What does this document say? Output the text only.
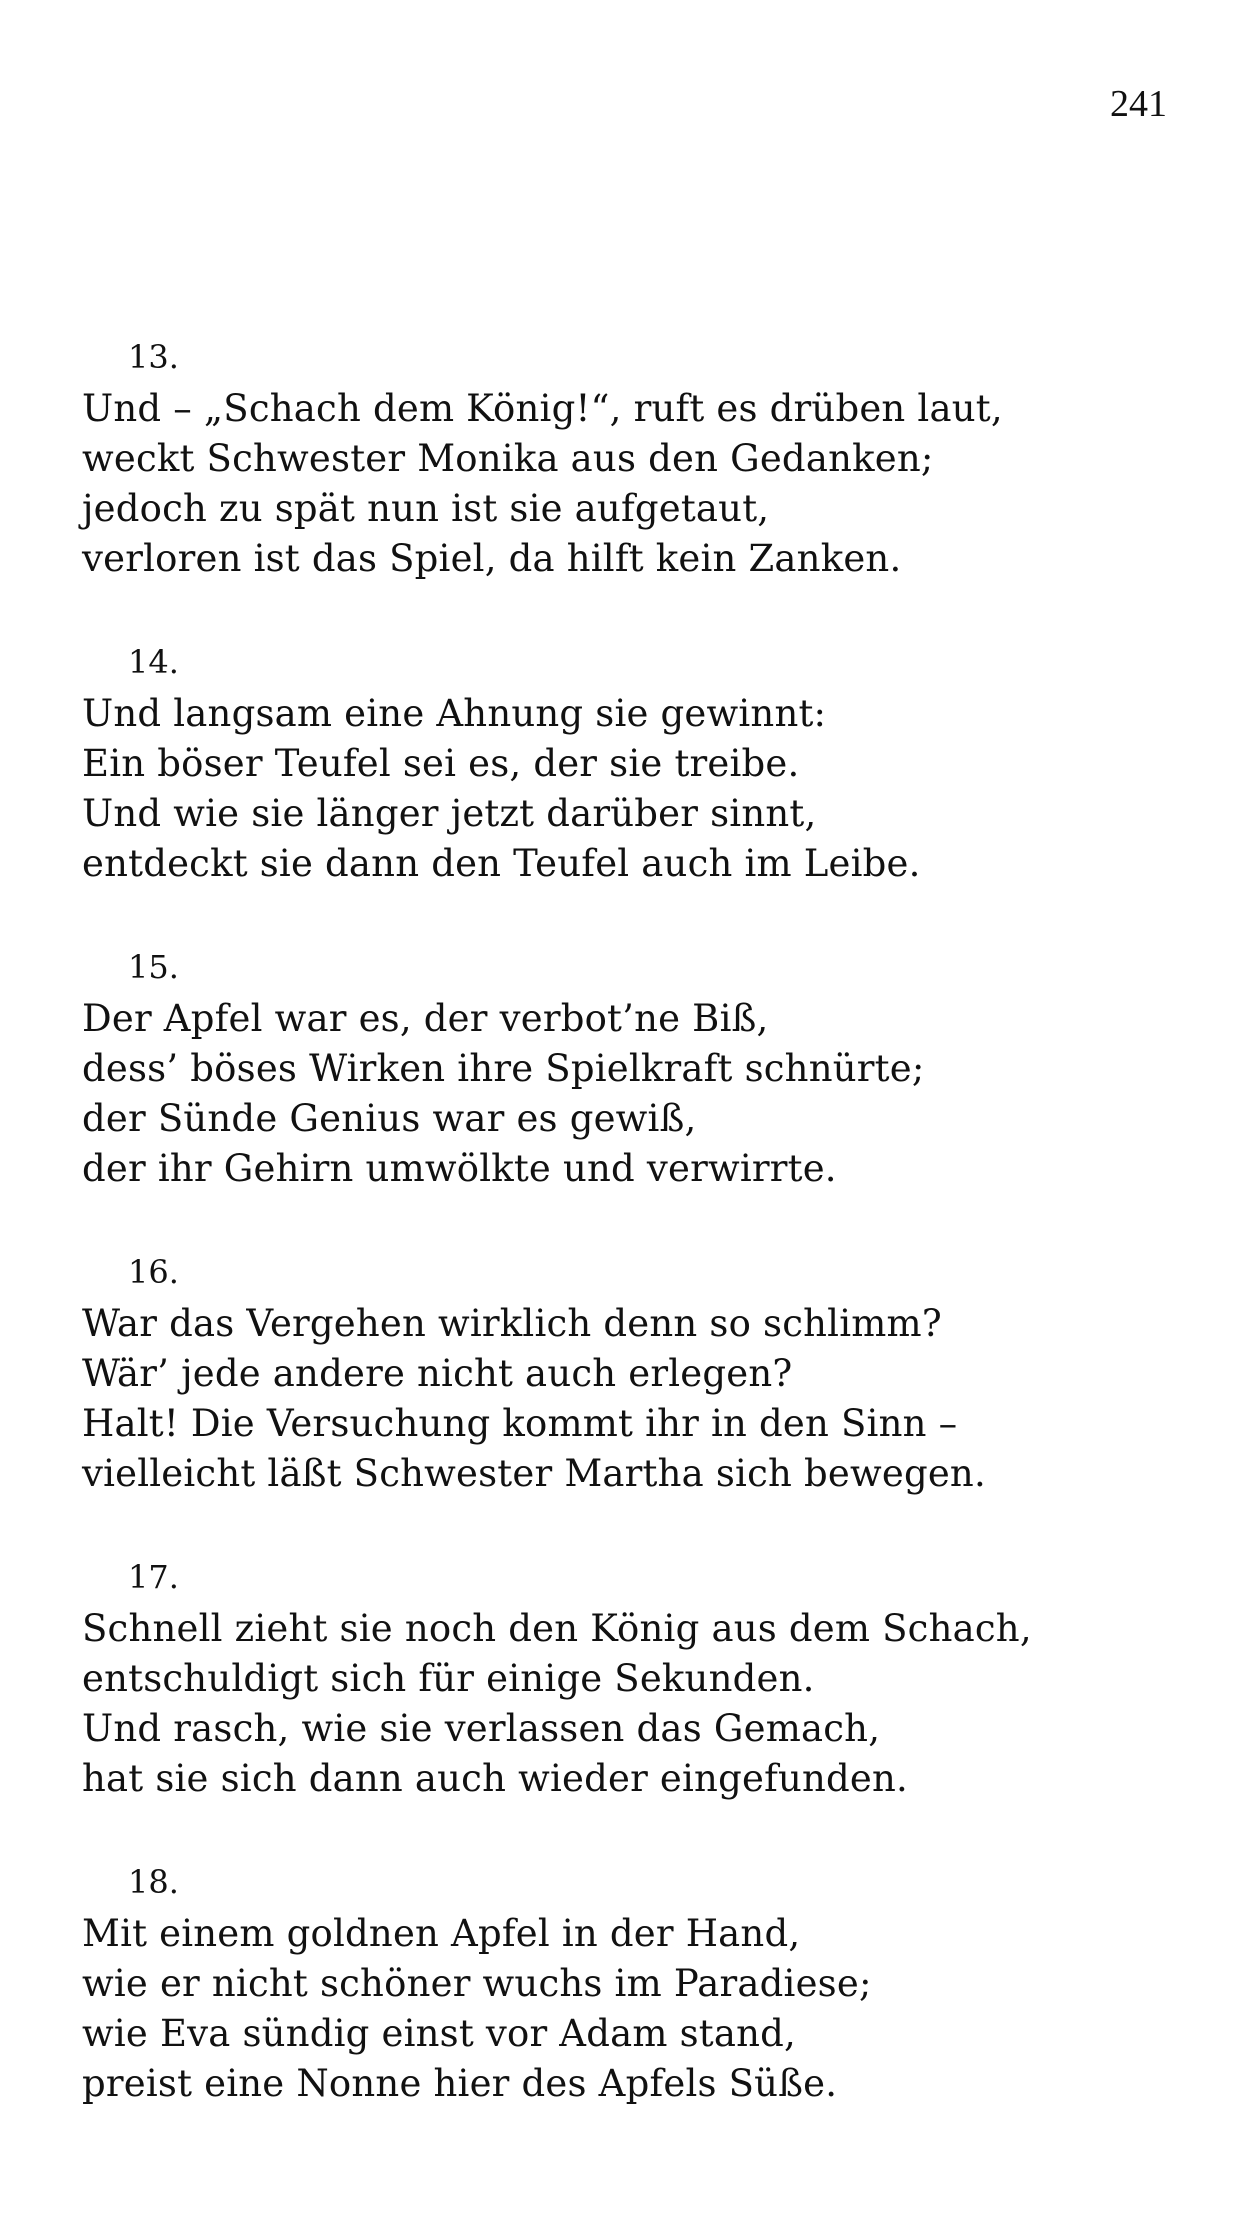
241
13.
Und – „Schach dem König!“, ruft es drüben laut,
weckt Schwester Monika aus den Gedanken;
jedoch zu spät nun ist sie aufgetaut,
verloren ist das Spiel, da hilft kein Zanken.
14.
Und langsam eine Ahnung sie gewinnt:
Ein böser Teufel sei es, der sie treibe.
Und wie sie länger jetzt darüber sinnt,
entdeckt sie dann den Teufel auch im Leibe.
15.
Der Apfel war es, der verbot’ne Biß,
dess’ böses Wirken ihre Spielkraft schnürte;
der Sünde Genius war es gewiß,
der ihr Gehirn umwölkte und verwirrte.
16.
War das Vergehen wirklich denn so schlimm?
Wär’ jede andere nicht auch erlegen?
Halt! Die Versuchung kommt ihr in den Sinn –
vielleicht läßt Schwester Martha sich bewegen.
17.
Schnell zieht sie noch den König aus dem Schach,
entschuldigt sich für einige Sekunden.
Und rasch, wie sie verlassen das Gemach,
hat sie sich dann auch wieder eingefunden.
18.
Mit einem goldnen Apfel in der Hand,
wie er nicht schöner wuchs im Paradiese;
wie Eva sündig einst vor Adam stand,
preist eine Nonne hier des Apfels Süße.
